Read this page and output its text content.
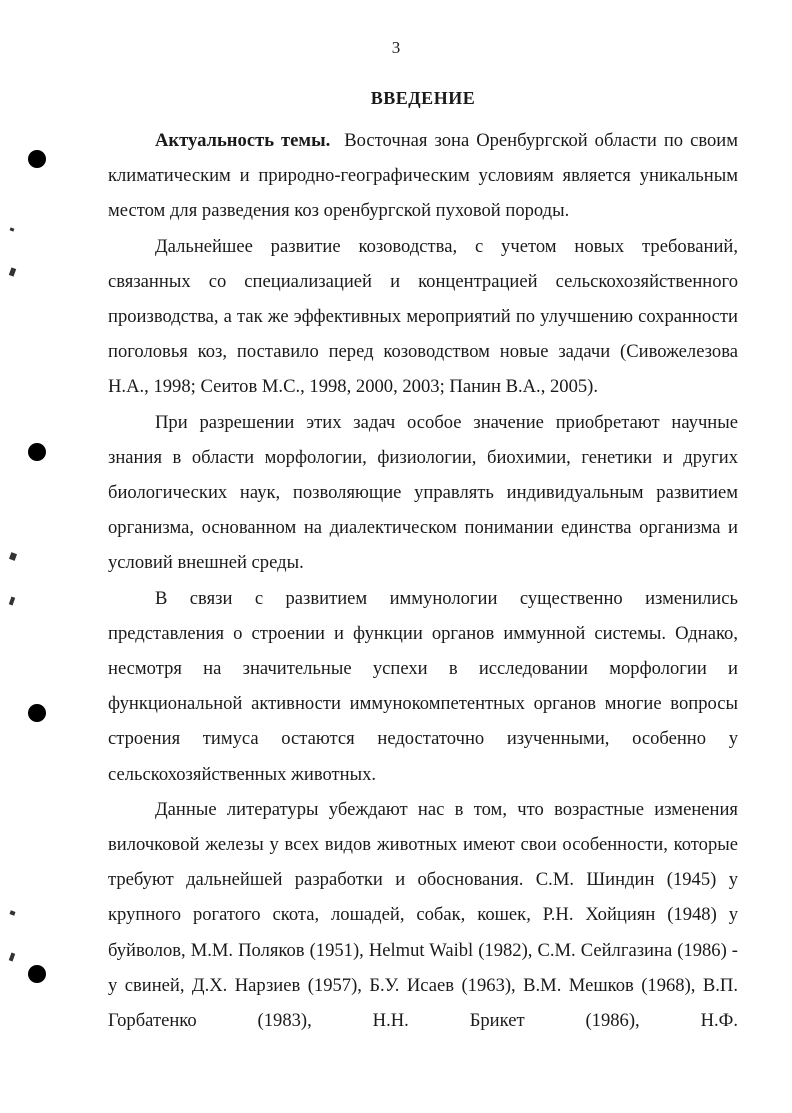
3
ВВЕДЕНИЕ

Актуальность темы. Восточная зона Оренбургской области по своим климатическим и природно-географическим условиям является уникальным местом для разведения коз оренбургской пуховой породы.

Дальнейшее развитие козоводства, с учетом новых требований, связанных со специализацией и концентрацией сельскохозяйственного производства, а так же эффективных мероприятий по улучшению сохранности поголовья коз, поставило перед козоводством новые задачи (Сивожелезова Н.А., 1998; Сеитов М.С., 1998, 2000, 2003; Панин В.А., 2005).

При разрешении этих задач особое значение приобретают научные знания в области морфологии, физиологии, биохимии, генетики и других биологических наук, позволяющие управлять индивидуальным развитием организма, основанном на диалектическом понимании единства организма и условий внешней среды.

В связи с развитием иммунологии существенно изменились представления о строении и функции органов иммунной системы. Однако, несмотря на значительные успехи в исследовании морфологии и функциональной активности иммунокомпетентных органов многие вопросы строения тимуса остаются недостаточно изученными, особенно у сельскохозяйственных животных.

Данные литературы убеждают нас в том, что возрастные изменения вилочковой железы у всех видов животных имеют свои особенности, которые требуют дальнейшей разработки и обоснования. С.М. Шиндин (1945) у крупного рогатого скота, лошадей, собак, кошек, Р.Н. Хойциян (1948) у буйволов, М.М. Поляков (1951), Helmut Waibl (1982), С.М. Сейлгазина (1986) - у свиней, Д.Х. Нарзиев (1957), Б.У. Исаев (1963), В.М. Мешков (1968), В.П. Горбатенко (1983), Н.Н. Брикет (1986), Н.Ф.
